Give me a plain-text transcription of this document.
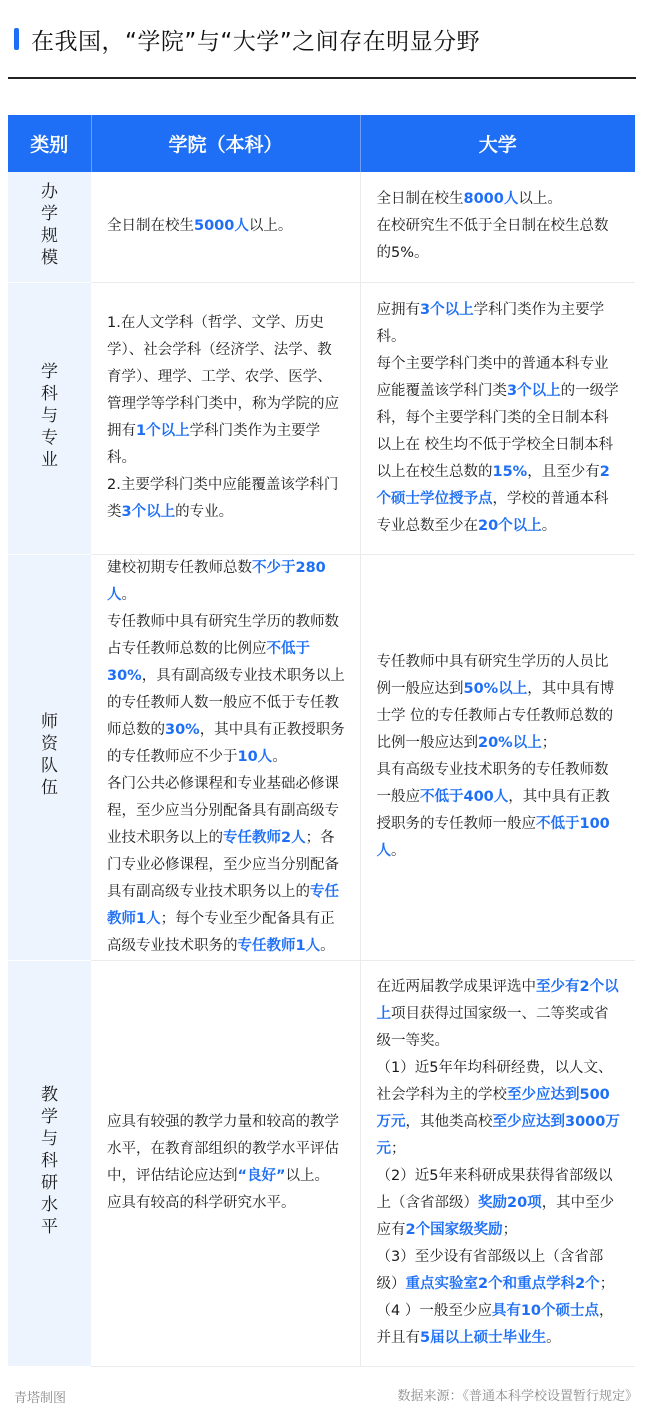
在我国，“学院”与“大学”之间存在明显分野
类别	学院（本科）	大学
办学规模	全日制在校生5000人以上。	全日制在校生8000人以上。
在校研究生不低于全日制在校生总数的5%。

学科与专业	1.在人文学科（哲学、文学、历史学）、社会学科（经济学、法学、教育学）、理学、工学、农学、医学、管理学等学科门类中，称为学院的应拥有1个以上学科门类作为主要学科。
2.主要学科门类中应能覆盖该学科门类3个以上的专业。	应拥有3个以上学科门类作为主要学科。
每个主要学科门类中的普通本科专业应能覆盖该学科门类3个以上的一级学科，每个主要学科门类的全日制本科以上在 校生均不低于学校全日制本科以上在校生总数的15%，且至少有2个硕士学位授予点，学校的普通本科专业总数至少在20个以上。

师资队伍	建校初期专任教师总数不少于280人。
专任教师中具有研究生学历的教师数占专任教师总数的比例应不低于30%，具有副高级专业技术职务以上的专任教师人数一般应不低于专任教师总数的30%，其中具有正教授职务的专任教师应不少于10人。
各门公共必修课程和专业基础必修课程，至少应当分别配备具有副高级专业技术职务以上的专任教师2人；各门专业必修课程，至少应当分别配备具有副高级专业技术职务以上的专任教师1人；每个专业至少配备具有正高级专业技术职务的专任教师1人。	专任教师中具有研究生学历的人员比例一般应达到50%以上，其中具有博士学 位的专任教师占专任教师总数的比例一般应达到20%以上；
具有高级专业技术职务的专任教师数一般应不低于400人，其中具有正教授职务的专任教师一般应不低于100人。

教学与科研水平	应具有较强的教学力量和较高的教学水平，在教育部组织的教学水平评估中，评估结论应达到“良好”以上。
应具有较高的科学研究水平。	在近两届教学成果评选中至少有2个以上项目获得过国家级一、二等奖或省级一等奖。
（1）近5年年均科研经费，以人文、社会学科为主的学校至少应达到500万元，其他类高校至少应达到3000万元；
（2）近5年来科研成果获得省部级以上（含省部级）奖励20项，其中至少应有2个国家级奖励；
（3）至少设有省部级以上（含省部级）重点实验室2个和重点学科2个；
（4 ）一般至少应具有10个硕士点，并且有5届以上硕士毕业生。
青塔制图	数据来源：《普通本科学校设置暂行规定》
